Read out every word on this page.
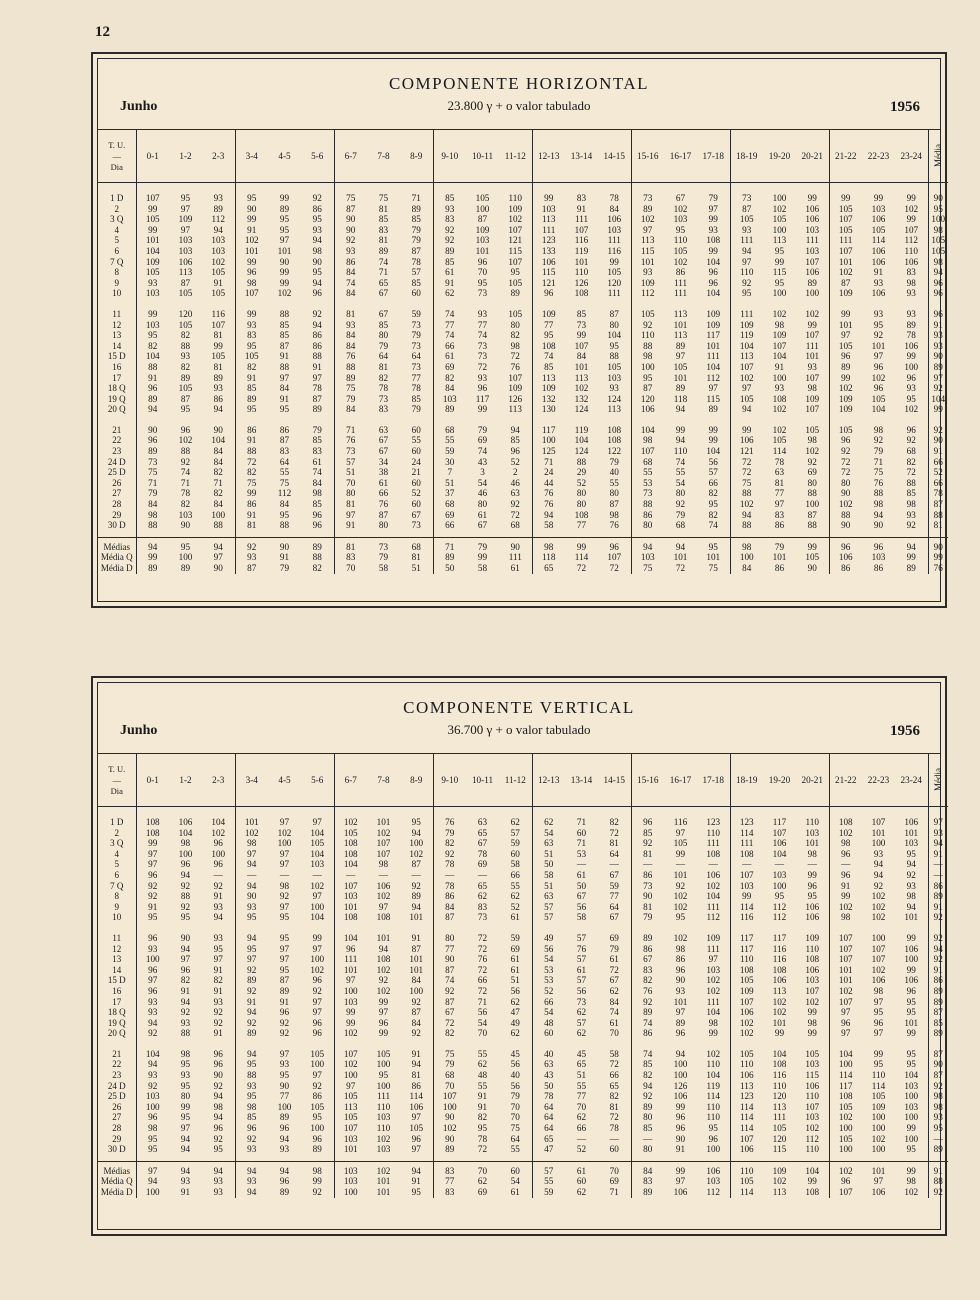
12
Junho
COMPONENTE HORIZONTAL
23.800 γ + o valor tabulado	1956
T. U.
—
Dia	0-1	1-2	2-3	3-4	4-5	5-6	6-7	7-8	8-9	9-10	10-11	11-12	12-13	13-14	14-15	15-16	16-17	17-18	18-19	19-20	20-21	21-22	22-23	23-24	Média

1 D	107	95	93	95	99	92	75	75	71	85	105	110	99	83	78	73	67	79	73	100	99	99	99	99	90
2	99	97	89	90	89	86	87	81	89	93	100	109	103	91	84	89	102	97	87	102	106	105	103	102	95
3 Q	105	109	112	99	95	95	90	85	85	83	87	102	113	111	106	102	103	99	105	105	106	107	106	99	100
4	99	97	94	91	95	93	90	83	79	92	109	107	111	107	103	97	95	93	93	100	103	105	105	107	98
5	101	103	103	102	97	94	92	81	79	92	103	121	123	116	111	113	110	108	111	113	111	111	114	112	105
6	104	103	103	101	101	98	93	89	87	89	101	115	133	119	116	115	105	99	94	95	103	107	106	110	105
7 Q	109	106	102	99	90	90	86	74	78	85	96	107	106	101	99	101	102	104	97	99	107	101	106	106	98
8	105	113	105	96	99	95	84	71	57	61	70	95	115	110	105	93	86	96	110	115	106	102	91	83	94
9	93	87	91	98	99	94	74	65	85	91	95	105	121	126	120	109	111	96	92	95	89	87	93	98	96
10	103	105	105	107	102	96	84	67	60	62	73	89	96	108	111	112	111	104	95	100	100	109	106	93	96

11	99	120	116	99	88	92	81	67	59	74	93	105	109	85	87	105	113	109	111	102	102	99	93	93	96
12	103	105	107	93	85	94	93	85	73	77	77	80	77	73	80	92	101	109	109	98	99	101	95	89	91
13	95	82	81	83	85	86	84	80	79	74	74	82	95	99	104	110	113	117	119	109	107	97	92	78	93
14	82	88	99	95	87	86	84	79	73	66	73	98	108	107	95	88	89	101	104	107	111	105	101	106	93
15 D	104	93	105	105	91	88	76	64	64	61	73	72	74	84	88	98	97	111	113	104	101	96	97	99	90
16	88	82	81	82	88	91	88	81	73	69	72	76	85	101	105	100	105	104	107	91	93	89	96	100	89
17	91	89	89	91	97	97	89	82	77	82	93	107	113	113	103	95	101	112	102	100	107	99	102	96	97
18 Q	96	105	93	85	84	78	75	78	78	84	96	109	109	102	93	87	89	97	97	93	98	102	96	93	92
19 Q	89	87	86	89	91	87	79	73	85	103	117	126	132	132	124	120	118	115	105	108	109	109	105	95	104
20 Q	94	95	94	95	95	89	84	83	79	89	99	113	130	124	113	106	94	89	94	102	107	109	104	102	99

21	90	96	90	86	86	79	71	63	60	68	79	94	117	119	108	104	99	99	99	102	105	105	98	96	92
22	96	102	104	91	87	85	76	67	55	55	69	85	100	104	108	98	94	99	106	105	98	96	92	92	90
23	89	88	84	88	83	83	73	67	60	59	74	96	125	124	122	107	110	104	121	114	102	92	79	68	91
24 D	73	92	84	72	64	61	57	34	24	30	43	52	71	88	79	68	74	56	72	78	92	72	71	82	66
25 D	75	74	82	82	55	74	51	38	21	7	3	2	24	29	40	55	55	57	72	63	69	72	75	72	52
26	71	71	71	75	75	84	70	61	60	51	54	46	44	52	55	53	54	66	75	81	80	80	76	88	66
27	79	78	82	99	112	98	80	66	52	37	46	63	76	80	80	73	80	82	88	77	88	90	88	85	78
28	84	82	84	86	84	85	81	76	60	68	80	92	76	80	87	88	92	95	102	97	100	102	98	98	87
29	98	103	100	91	95	96	97	87	67	69	61	72	94	108	98	86	79	82	94	83	87	88	94	93	88
30 D	88	90	88	81	88	96	91	80	73	66	67	68	58	77	76	80	68	74	88	86	88	90	90	92	81

Médias	94	95	94	92	90	89	81	73	68	71	79	90	98	99	96	94	94	95	98	79	99	96	96	94	90
Média Q	99	100	97	93	91	88	83	79	81	89	99	111	118	114	107	103	101	101	100	101	105	106	103	99	99
Média D	89	89	90	87	79	82	70	58	51	50	58	61	65	72	72	75	72	75	84	86	90	86	86	89	76
Junho
COMPONENTE VERTICAL
36.700 γ + o valor tabulado	1956
T. U.
—
Dia	0-1	1-2	2-3	3-4	4-5	5-6	6-7	7-8	8-9	9-10	10-11	11-12	12-13	13-14	14-15	15-16	16-17	17-18	18-19	19-20	20-21	21-22	22-23	23-24	Média

1 D	108	106	104	101	97	97	102	101	95	76	63	62	62	71	82	96	116	123	123	117	110	108	107	106	97
2	108	104	102	102	102	104	105	102	94	79	65	57	54	60	72	85	97	110	114	107	103	102	101	101	93
3 Q	99	98	96	98	100	105	108	107	100	82	67	59	63	71	81	92	105	111	111	106	101	98	100	103	94
4	97	100	100	97	97	104	108	107	102	92	78	60	51	53	64	81	99	108	108	104	98	96	93	95	91
5	97	96	96	94	97	103	104	98	87	78	69	58	50	—	—	—	—	—	—	—	—	—	94	94	—
6	96	94	—	—	—	—	—	—	—	—	—	66	58	61	67	86	101	106	107	103	99	96	94	92	—
7 Q	92	92	92	94	98	102	107	106	92	78	65	55	51	50	59	73	92	102	103	100	96	91	92	93	86
8	92	88	91	90	92	97	103	102	89	86	62	62	63	67	77	90	102	104	99	95	95	99	102	98	89
9	91	92	93	93	97	100	101	97	94	84	83	52	57	56	64	81	102	111	114	112	106	102	102	94	91
10	95	95	94	95	95	104	108	108	101	87	73	61	57	58	67	79	95	112	116	112	106	98	102	101	92

11	96	90	93	94	95	99	104	101	91	80	72	59	49	57	69	89	102	109	117	117	109	107	100	99	92
12	93	94	95	95	97	97	96	94	87	77	72	69	56	76	79	86	98	111	117	116	110	107	107	106	94
13	100	97	97	97	97	100	111	108	101	90	76	61	54	57	61	67	86	97	110	116	108	107	107	100	92
14	96	96	91	92	95	102	101	102	101	87	72	61	53	61	72	83	96	103	108	108	106	101	102	99	91
15 D	97	82	82	89	87	96	97	92	84	74	66	51	53	57	67	82	90	102	105	106	103	101	106	106	86
16	96	91	91	92	89	92	100	102	100	92	72	56	52	56	62	76	93	102	109	113	107	102	98	96	89
17	93	94	93	91	91	97	103	99	92	87	71	62	66	73	84	92	101	111	107	102	102	107	97	95	89
18 Q	93	92	92	94	96	97	99	97	87	67	56	47	54	62	74	89	97	104	106	102	99	97	95	95	87
19 Q	94	93	92	92	92	96	99	96	84	72	54	49	48	57	61	74	89	98	102	101	98	96	96	101	85
20 Q	92	88	91	89	92	96	102	99	92	82	70	62	60	62	70	86	96	99	102	99	99	97	97	99	89

21	104	98	96	94	97	105	107	105	91	75	55	45	40	45	58	74	94	102	105	104	105	104	99	95	87
22	94	95	96	95	93	100	102	100	94	79	62	56	63	65	72	85	100	110	110	108	103	100	95	95	90
23	93	93	90	88	95	97	100	95	81	68	48	40	43	51	66	82	100	104	106	116	115	114	110	104	87
24 D	92	95	92	93	90	92	97	100	86	70	55	56	50	55	65	94	126	119	113	110	106	117	114	103	92
25 D	103	80	94	95	77	86	105	111	114	107	91	79	78	77	82	92	106	114	123	120	110	108	105	100	98
26	100	99	98	98	100	105	113	110	106	100	91	70	64	70	81	89	99	110	114	113	107	105	109	103	98
27	96	95	94	85	89	95	105	103	97	90	82	70	64	62	72	80	96	110	114	111	103	102	100	100	93
28	98	97	96	96	96	100	107	110	105	102	95	75	64	66	78	85	96	95	114	105	102	100	100	99	95
29	95	94	92	92	94	96	103	102	96	90	78	64	65	—	—	—	90	96	107	120	112	105	102	100	—
30 D	95	94	95	93	93	89	101	103	97	89	72	55	47	52	60	80	91	100	106	115	110	100	100	95	89

Médias	97	94	94	94	94	98	103	102	94	83	70	60	57	61	70	84	99	106	110	109	104	102	101	99	91
Média Q	94	93	93	93	96	99	103	101	91	77	62	54	55	60	69	83	97	103	105	102	99	96	97	98	88
Média D	100	91	93	94	89	92	100	101	95	83	69	61	59	62	71	89	106	112	114	113	108	107	106	102	92
